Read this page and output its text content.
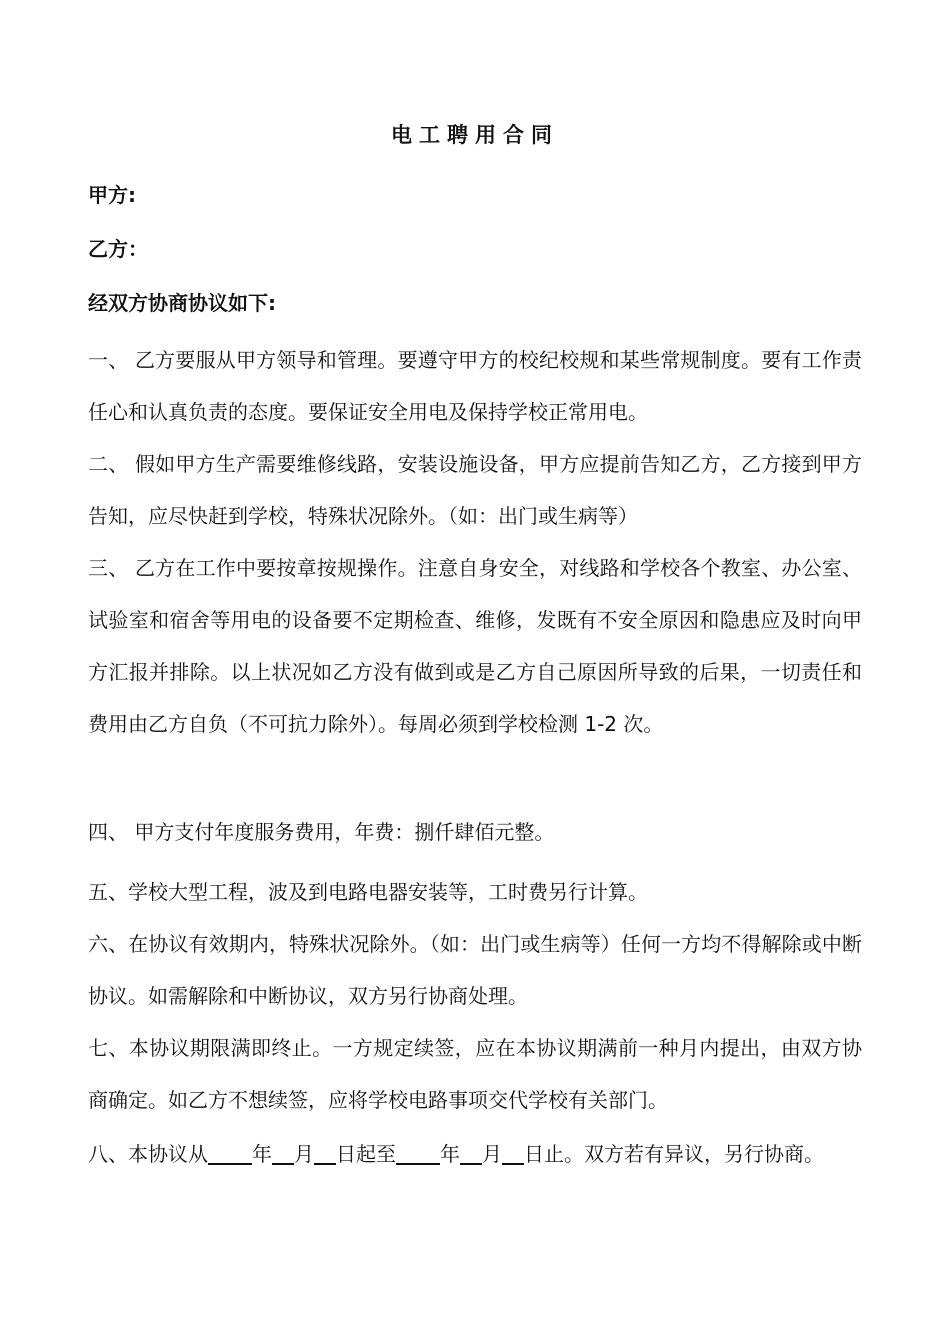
电工聘用合同
甲方:
乙方：
经双方协商协议如下:
一、 乙方要服从甲方领导和管理。要遵守甲方的校纪校规和某些常规制度。要有工作责任心和认真负责的态度。要保证安全用电及保持学校正常用电。
二、 假如甲方生产需要维修线路，安装设施设备，甲方应提前告知乙方，乙方接到甲方告知，应尽快赶到学校，特殊状况除外。（如：出门或生病等）
三、 乙方在工作中要按章按规操作。注意自身安全，对线路和学校各个教室、办公室、试验室和宿舍等用电的设备要不定期检查、维修，发既有不安全原因和隐患应及时向甲方汇报并排除。以上状况如乙方没有做到或是乙方自己原因所导致的后果，一切责任和费用由乙方自负（不可抗力除外）。每周必须到学校检测 1-2 次。
四、 甲方支付年度服务费用，年费：捌仟肆佰元整。
五、学校大型工程，波及到电路电器安装等，工时费另行计算。
六、在协议有效期内，特殊状况除外。（如：出门或生病等）任何一方均不得解除或中断协议。如需解除和中断协议，双方另行协商处理。
七、本协议期限满即终止。一方规定续签，应在本协议期满前一种月内提出，由双方协商确定。如乙方不想续签，应将学校电路事项交代学校有关部门。
八、本协议从 年 月 日起至 年 月 日止。双方若有异议，另行协商。
